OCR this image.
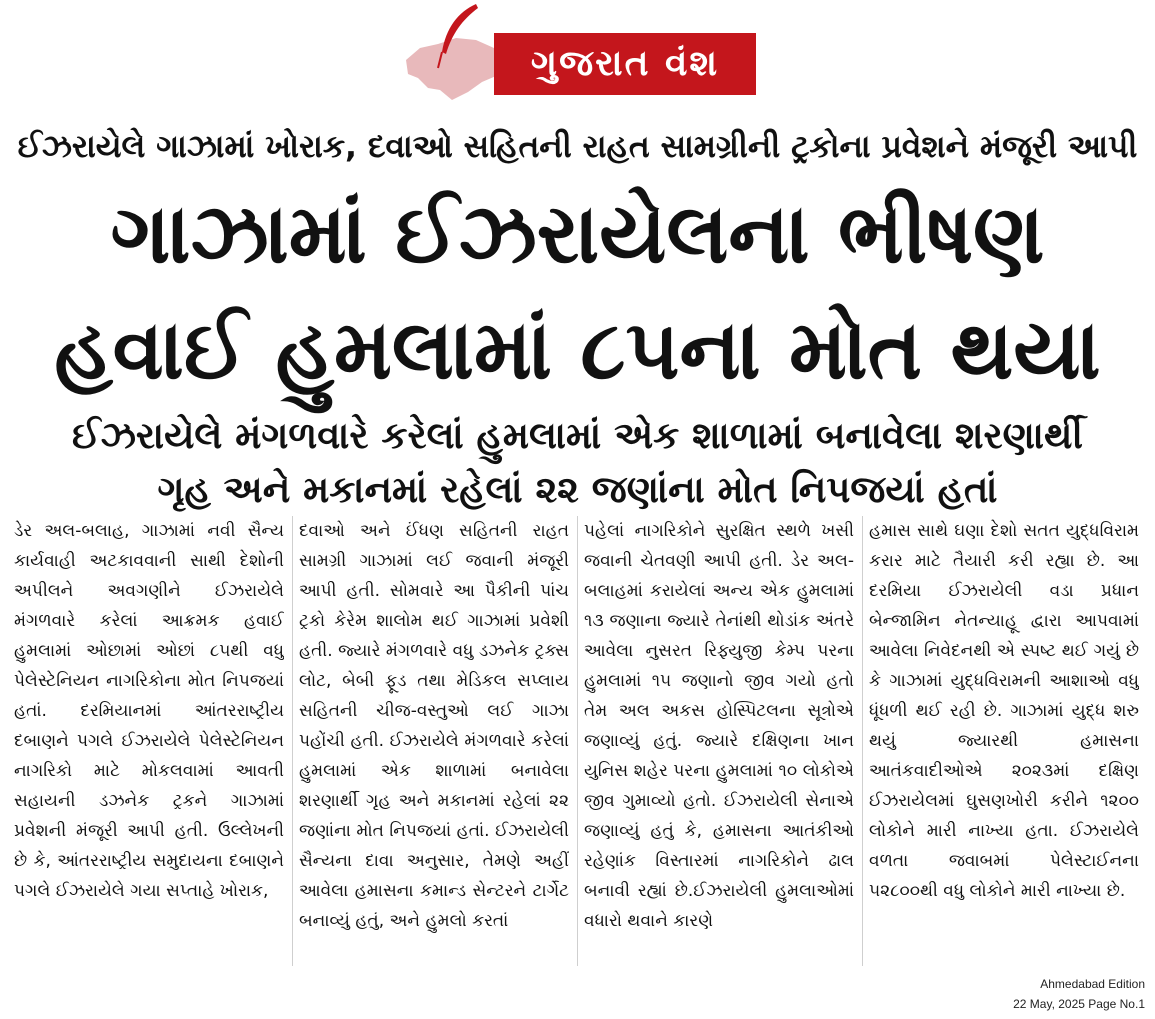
ગુજરાત વંશ
ઈઝરાયેલે ગાઝામાં ખોરાક, દવાઓ સહિતની રાહત સામગ્રીની ટ્રકોના પ્રવેશને મંજૂરી આપી
ગાઝામાં ઈઝરાયેલના ભીષણ
હવાઈ હુમલામાં ૮૫ના મોત થયા
ઈઝરાયેલે મંગળવારે કરેલાં હુમલામાં એક શાળામાં બનાવેલા શરણાર્થી
ગૃહ અને મકાનમાં રહેલાં ૨૨ જણાંના મોત નિપજયાં હતાં

ડેર અલ-બલાહ, ગાઝામાં નવી સૈન્ય કાર્યવાહી અટકાવવાની સાથી દેશોની અપીલને અવગણીને ઈઝરાયેલે મંગળવારે કરેલાં આક્રમક હવાઈ હુમલામાં ઓછામાં ઓછાં ૮૫થી વધુ પેલેસ્ટેનિયન નાગરિકોના મોત નિપજયાં હતાં. દરમિયાનમાં આંતરરાષ્ટ્રીય દબાણને પગલે ઈઝરાયેલે પેલેસ્ટેનિયન નાગરિકો માટે મોકલવામાં આવતી સહાયની ડઝનેક ટ્રકને ગાઝામાં પ્રવેશની મંજૂરી આપી હતી. ઉલ્લેખની છે કે, આંતરરાષ્ટ્રીય સમુદાયના દબાણને પગલે ઈઝરાયેલે ગયા સપ્તાહે ખોરાક,

દવાઓ અને ઈંધણ સહિતની રાહત સામગ્રી ગાઝામાં લઈ જવાની મંજૂરી આપી હતી. સોમવારે આ પૈકીની પાંચ ટ્રકો કેરેમ શાલોમ થઈ ગાઝામાં પ્રવેશી હતી. જ્યારે મંગળવારે વધુ ડઝનેક ટ્રક્સ લોટ, બેબી ફૂડ તથા મેડિકલ સપ્લાય સહિતની ચીજ-વસ્તુઓ લઈ ગાઝા પહોંચી હતી. ઈઝરાયેલે મંગળવારે કરેલાં હુમલામાં એક શાળામાં બનાવેલા શરણાર્થી ગૃહ અને મકાનમાં રહેલાં ૨૨ જણાંના મોત નિપજયાં હતાં. ઈઝરાયેલી સૈન્યના દાવા અનુસાર, તેમણે અહીં આવેલા હમાસના કમાન્ડ સેન્ટરને ટાર્ગેટ બનાવ્યું હતું, અને હુમલો કરતાં

પહેલાં નાગરિકોને સુરક્ષિત સ્થળે ખસી જવાની ચેતવણી આપી હતી. ડેર અલ-બલાહમાં કરાયેલાં અન્ય એક હુમલામાં ૧૩ જણાના જ્યારે તેનાંથી થોડાંક અંતરે આવેલા નુસરત રિફ્યુજી કેમ્પ પરના હુમલામાં ૧૫ જણાનો જીવ ગયો હતો તેમ અલ અકસ હોસ્પિટલના સૂત્રોએ જણાવ્યું હતું. જ્યારે દક્ષિણના ખાન યુનિસ શહેર પરના હુમલામાં ૧૦ લોકોએ જીવ ગુમાવ્યો હતો. ઈઝરાયેલી સેનાએ જણાવ્યું હતું કે, હમાસના આતંકીઓ રહેણાંક વિસ્તારમાં નાગરિકોને ઢાલ બનાવી રહ્યાં છે.ઈઝરાયેલી હુમલાઓમાં વધારો થવાને કારણે

હમાસ સાથે ઘણા દેશો સતત યુદ્ધવિરામ કરાર માટે તૈયારી કરી રહ્યા છે. આ દરમિયા ઈઝરાયેલી વડા પ્રધાન બેન્જામિન નેતન્યાહૂ દ્વારા આપવામાં આવેલા નિવેદનથી એ સ્પષ્ટ થઈ ગયું છે કે ગાઝામાં યુદ્ધવિરામની આશાઓ વધુ ધૂંધળી થઈ રહી છે. ગાઝામાં યુદ્ધ શરુ થયું જ્યારથી હમાસના આતંકવાદીઓએ ૨૦૨૩માં દક્ષિણ ઈઝરાયેલમાં ઘુસણખોરી કરીને ૧૨૦૦ લોકોને મારી નાખ્યા હતા. ઈઝરાયેલે વળતા જવાબમાં પેલેસ્ટાઈનના ૫૨૮૦૦થી વધુ લોકોને મારી નાખ્યા છે.

Ahmedabad Edition
22 May, 2025 Page No.1
